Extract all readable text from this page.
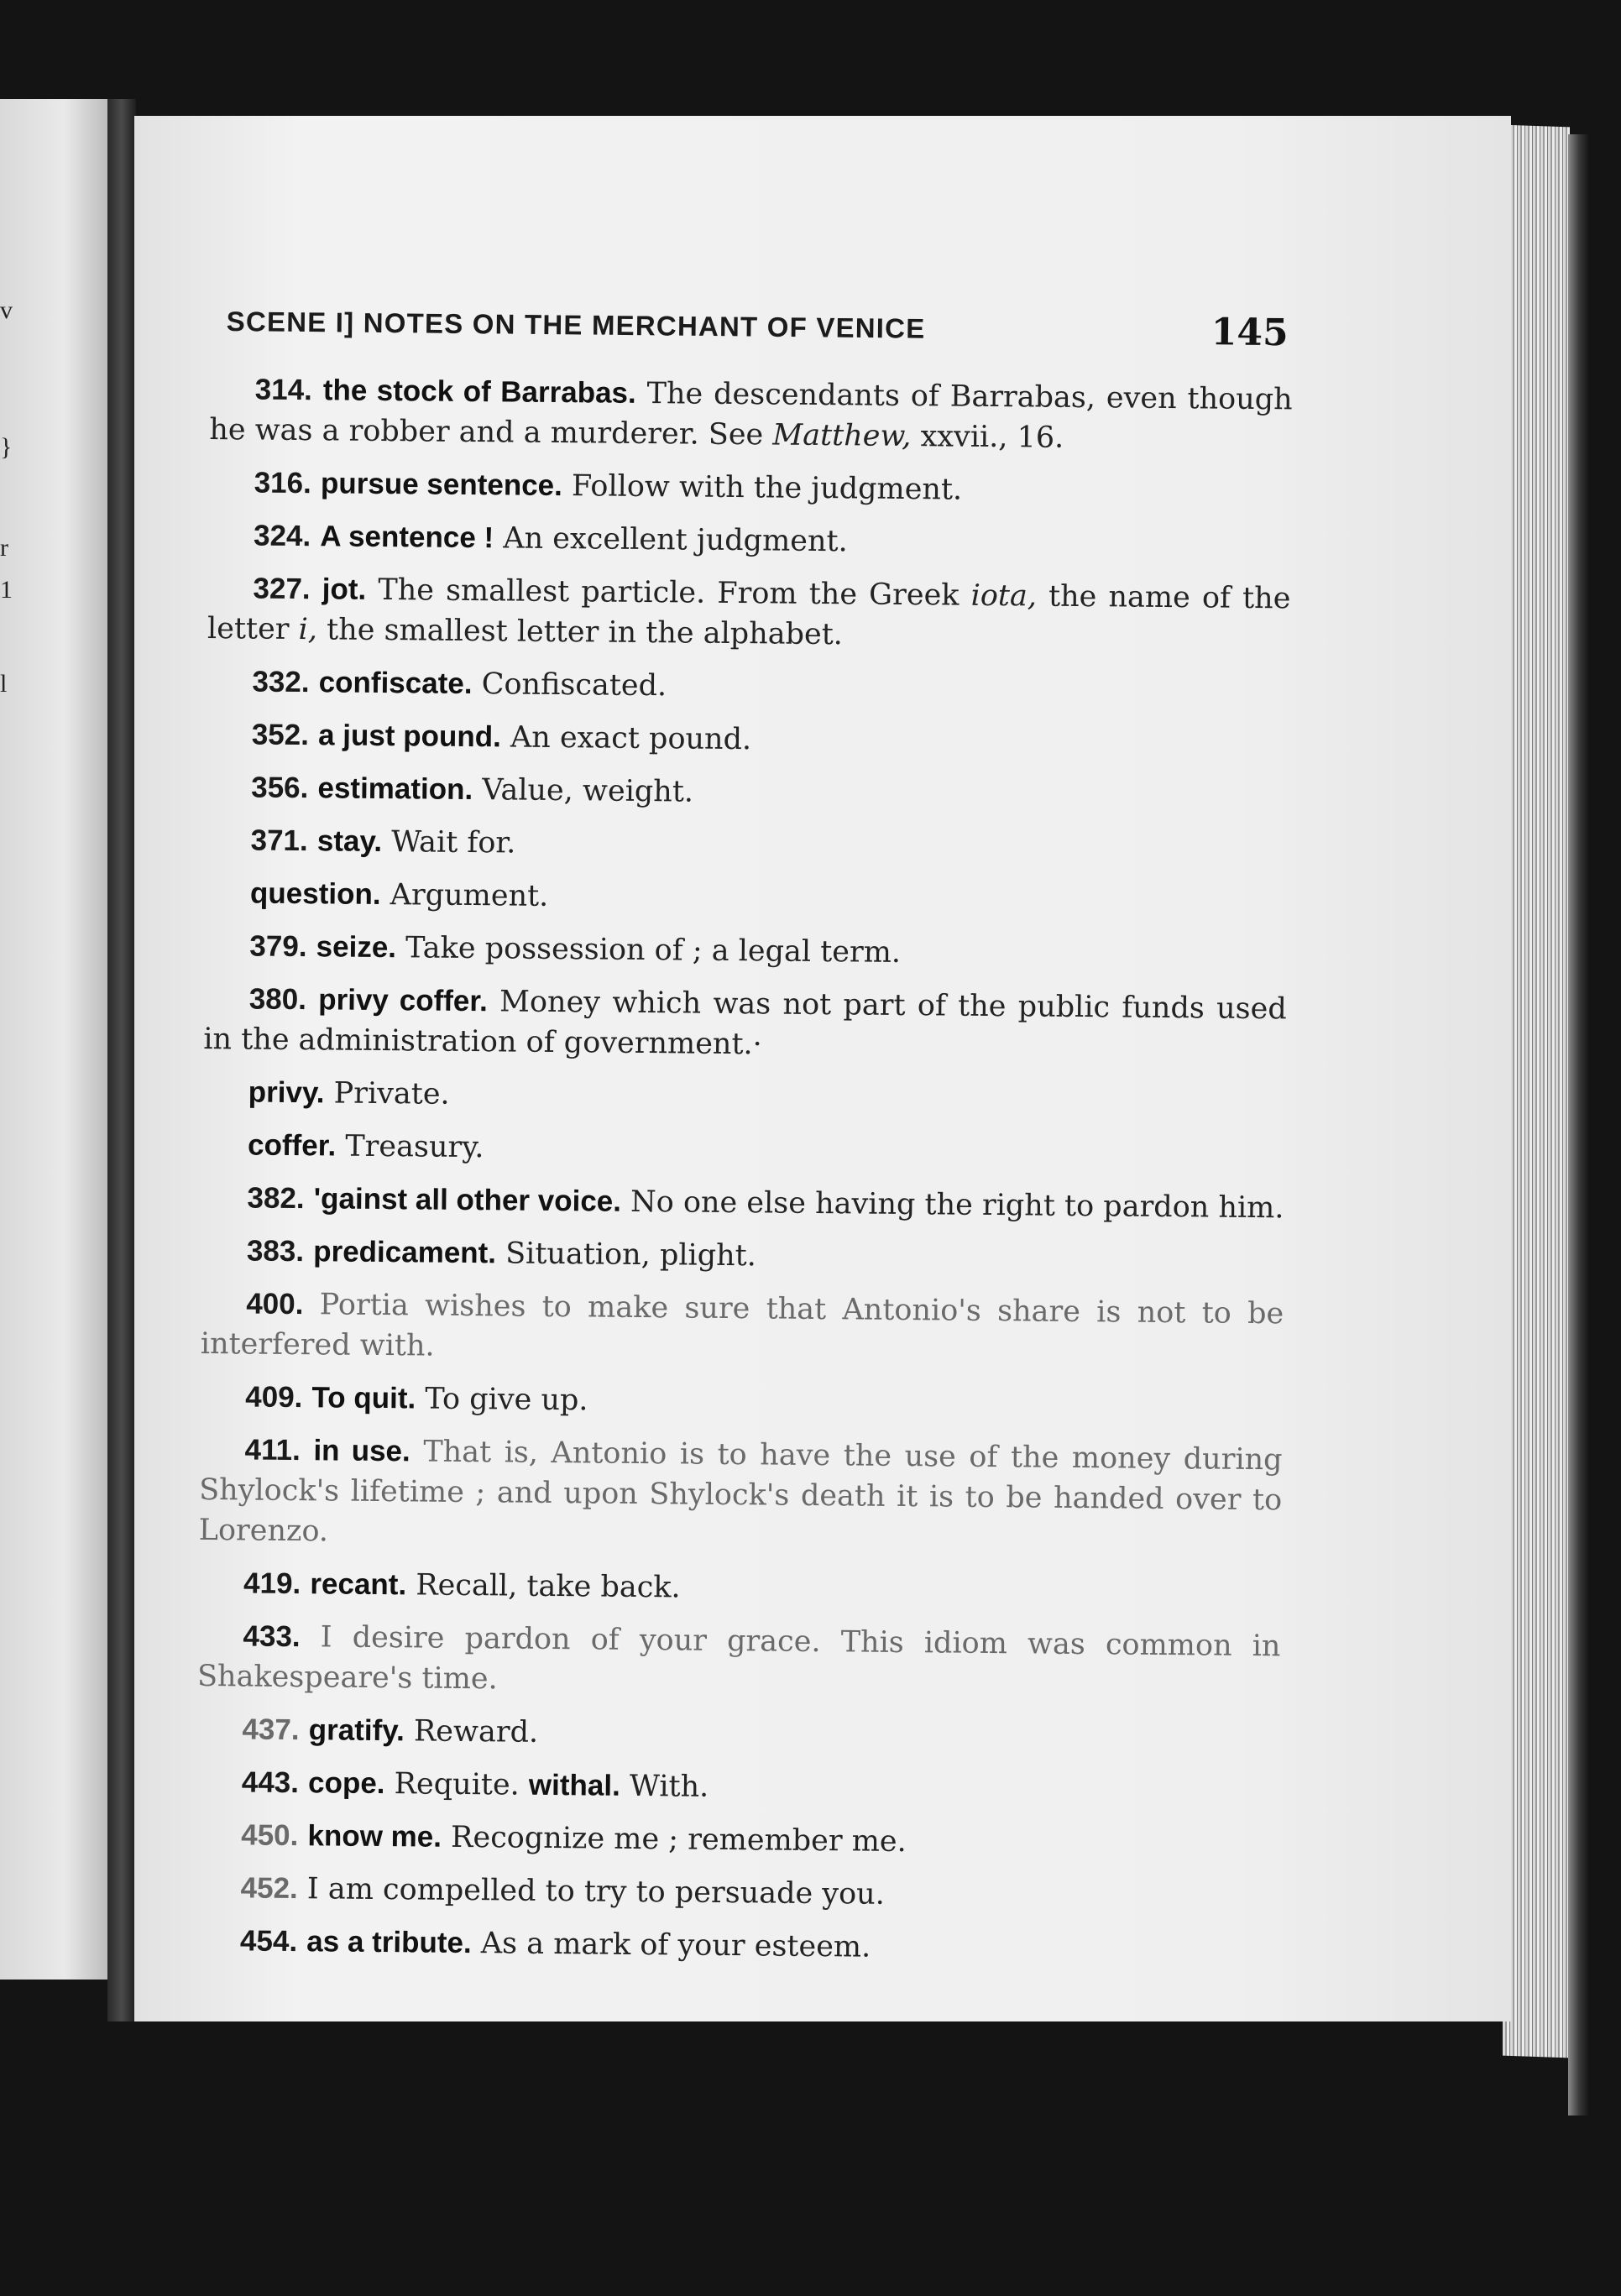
v
}
r
1
l
SCENE I] NOTES ON THE MERCHANT OF VENICE	145

314. the stock of Barrabas. The descendants of Barrabas, even though he was a robber and a murderer. See Matthew, xxvii., 16.

316. pursue sentence. Follow with the judgment.

324. A sentence ! An excellent judgment.

327. jot. The smallest particle. From the Greek iota, the name of the letter i, the smallest letter in the alphabet.

332. confiscate. Confiscated.

352. a just pound. An exact pound.

356. estimation. Value, weight.

371. stay. Wait for.

question. Argument.

379. seize. Take possession of ; a legal term.

380. privy coffer. Money which was not part of the public funds used in the administration of government.·

privy. Private.

coffer. Treasury.

382. 'gainst all other voice. No one else having the right to pardon him.

383. predicament. Situation, plight.

400. Portia wishes to make sure that Antonio's share is not to be interfered with.

409. To quit. To give up.

411. in use. That is, Antonio is to have the use of the money during Shylock's lifetime ; and upon Shylock's death it is to be handed over to Lorenzo.

419. recant. Recall, take back.

433. I desire pardon of your grace. This idiom was common in Shakespeare's time.

437. gratify. Reward.

443. cope. Requite. withal. With.

450. know me. Recognize me ; remember me.

452. I am compelled to try to persuade you.

454. as a tribute. As a mark of your esteem.
